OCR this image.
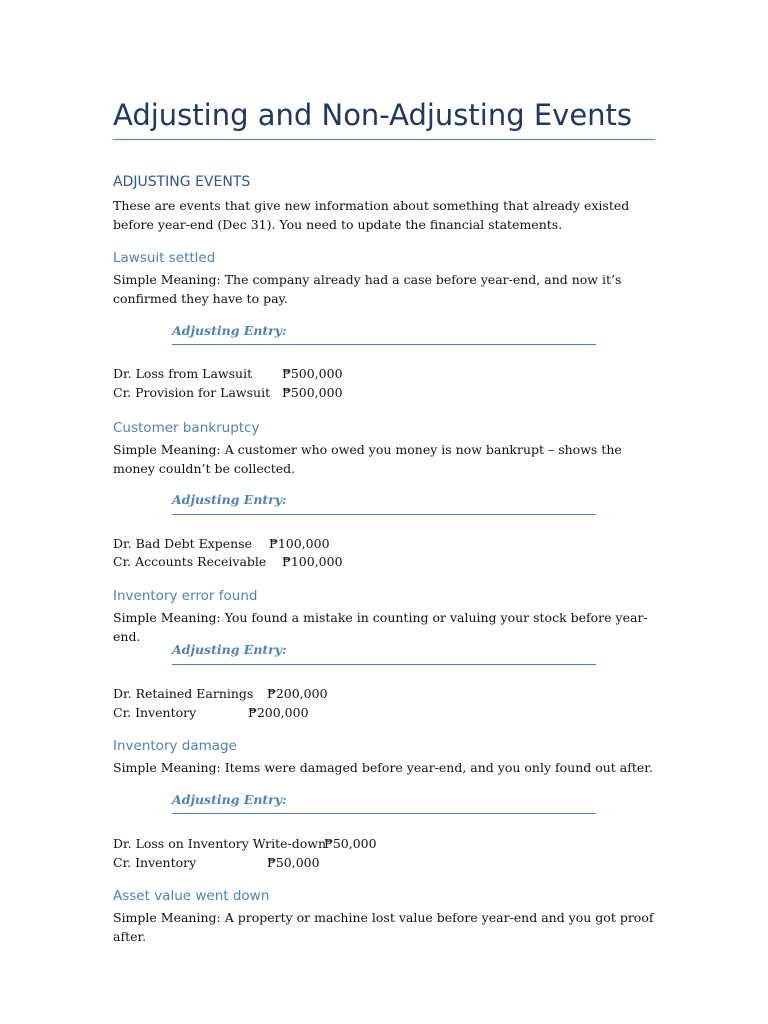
Adjusting and Non-Adjusting Events
ADJUSTING EVENTS

These are events that give new information about something that already existed before year-end (Dec 31). You need to update the financial statements.

Lawsuit settled

Simple Meaning: The company already had a case before year-end, and now it’s confirmed they have to pay.

Adjusting Entry:
Dr. Loss from Lawsuit ₱500,000
Cr. Provision for Lawsuit ₱500,000
Customer bankruptcy

Simple Meaning: A customer who owed you money is now bankrupt – shows the money couldn’t be collected.

Adjusting Entry:
Dr. Bad Debt Expense ₱100,000
Cr. Accounts Receivable ₱100,000
Inventory error found

Simple Meaning: You found a mistake in counting or valuing your stock before year-end.

Adjusting Entry:
Dr. Retained Earnings ₱200,000
Cr. Inventory	₱200,000
Inventory damage

Simple Meaning: Items were damaged before year-end, and you only found out after.

Adjusting Entry:
Dr. Loss on Inventory Write-down
₱50,000
Cr. Inventory	₱50,000
Asset value went down

Simple Meaning: A property or machine lost value before year-end and you got proof after.
